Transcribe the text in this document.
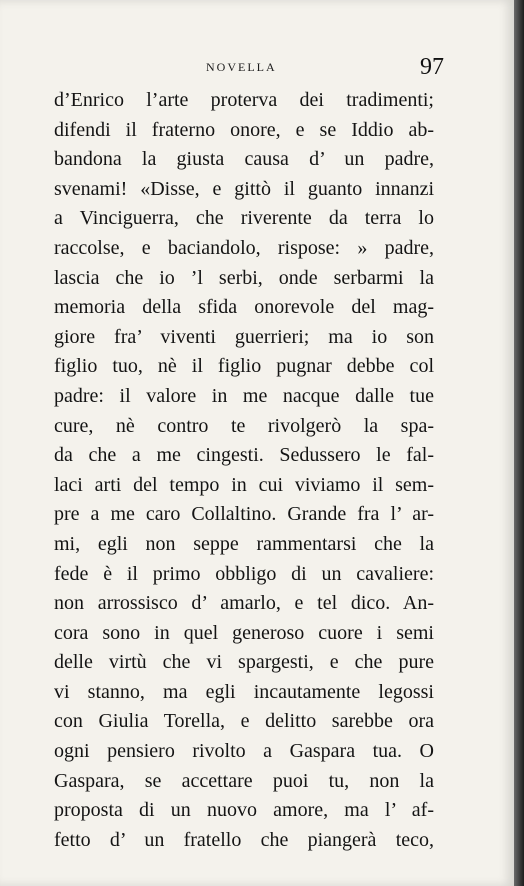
NOVELLA	97
d’Enrico l’arte proterva dei tradimenti;
difendi il fraterno onore, e se Iddio ab-
bandona la giusta causa d’ un padre,
svenami! «Disse, e gittò il guanto innanzi
a Vinciguerra, che riverente da terra lo
raccolse, e baciandolo, rispose: » padre,
lascia che io ’l serbi, onde serbarmi la
memoria della sfida onorevole del mag-
giore fra’ viventi guerrieri; ma io son
figlio tuo, nè il figlio pugnar debbe col
padre: il valore in me nacque dalle tue
cure, nè contro te rivolgerò la spa-
da che a me cingesti. Sedussero le fal-
laci arti del tempo in cui viviamo il sem-
pre a me caro Collaltino. Grande fra l’ ar-
mi, egli non seppe rammentarsi che la
fede è il primo obbligo di un cavaliere:
non arrossisco d’ amarlo, e tel dico. An-
cora sono in quel generoso cuore i semi
delle virtù che vi spargesti, e che pure
vi stanno, ma egli incautamente legossi
con Giulia Torella, e delitto sarebbe ora
ogni pensiero rivolto a Gaspara tua. O
Gaspara, se accettare puoi tu, non la
proposta di un nuovo amore, ma l’ af-
fetto d’ un fratello che piangerà teco,
